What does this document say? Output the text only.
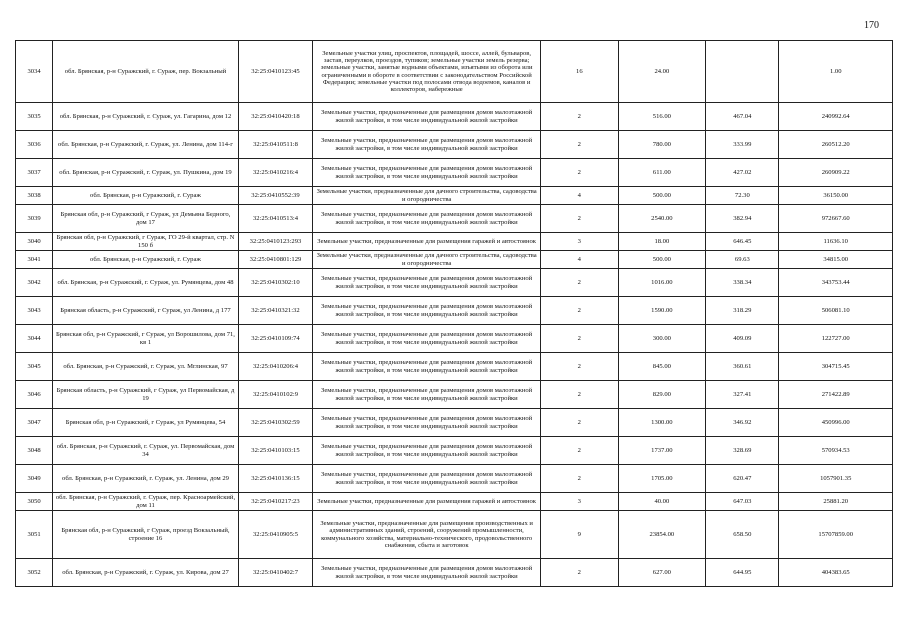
170
3034	обл. Брянская, р-н Суражский, г. Сураж, пер. Вокзальный	32:25:0410123:45	Земельные участки улиц, проспектов, площадей, шоссе, аллей, бульваров, застав, переулков, проездов, тупиков; земельные участки земель резерва; земельные участки, занятые водными объектами, изъятыми из оборота или ограниченными в обороте в соответствии с законодательством Российской Федерации; земельные участки под полосами отвода водоемов, каналов и коллекторов, набережные	16	24.00		1.00
3035	обл. Брянская, р-н Суражский, г. Сураж, ул. Гагарина, дом 12	32:25:0410420:18	Земельные участки, предназначенные для размещения домов малоэтажной жилой застройки, в том числе индивидуальной жилой застройки	2	516.00	467.04	240992.64
3036	обл. Брянская, р-н Суражский, г. Сураж, ул. Ленина, дом 114-г	32:25:0410511:8	Земельные участки, предназначенные для размещения домов малоэтажной жилой застройки, в том числе индивидуальной жилой застройки	2	780.00	333.99	260512.20
3037	обл. Брянская, р-н Суражский, г. Сураж, ул. Пушкина, дом 19	32:25:0410216:4	Земельные участки, предназначенные для размещения домов малоэтажной жилой застройки, в том числе индивидуальной жилой застройки	2	611.00	427.02	260909.22
3038	обл. Брянская, р-н Суражский, г. Сураж	32:25:0410552:39	Земельные участки, предназначенные для дачного строительства, садоводства и огородничества	4	500.00	72.30	36150.00
3039	Брянская обл, р-н Суражский, г Сураж, ул Демьяна Бедного, дом 17	32:25:0410513:4	Земельные участки, предназначенные для размещения домов малоэтажной жилой застройки, в том числе индивидуальной жилой застройки	2	2540.00	382.94	972667.60
3040	Брянская обл, р-н Суражский, г Сураж, ГО 29-й квартал, стр. N 150 б	32:25:0410123:293	Земельные участки, предназначенные для размещения гаражей и автостоянок	3	18.00	646.45	11636.10
3041	обл. Брянская, р-н Суражский, г. Сураж	32:25:0410801:129	Земельные участки, предназначенные для дачного строительства, садоводства и огородничества	4	500.00	69.63	34815.00
3042	обл. Брянская, р-н Суражский, г. Сураж, ул. Румянцева, дом 48	32:25:0410302:10	Земельные участки, предназначенные для размещения домов малоэтажной жилой застройки, в том числе индивидуальной жилой застройки	2	1016.00	338.34	343753.44
3043	Брянская область, р-н Суражский, г Сураж, ул Ленина, д 177	32:25:0410321:32	Земельные участки, предназначенные для размещения домов малоэтажной жилой застройки, в том числе индивидуальной жилой застройки	2	1590.00	318.29	506081.10
3044	Брянская обл, р-н Суражский, г Сураж, ул Ворошилова, дом 71, кв 1	32:25:0410109:74	Земельные участки, предназначенные для размещения домов малоэтажной жилой застройки, в том числе индивидуальной жилой застройки	2	300.00	409.09	122727.00
3045	обл. Брянская, р-н Суражский, г. Сураж, ул. Мглинская, 97	32:25:0410206:4	Земельные участки, предназначенные для размещения домов малоэтажной жилой застройки, в том числе индивидуальной жилой застройки	2	845.00	360.61	304715.45
3046	Брянская область, р-н Суражский, г Сураж, ул Первомайская, д 19	32:25:0410102:9	Земельные участки, предназначенные для размещения домов малоэтажной жилой застройки, в том числе индивидуальной жилой застройки	2	829.00	327.41	271422.89
3047	Брянская обл, р-н Суражский, г Сураж, ул Румянцева, 54	32:25:0410302:59	Земельные участки, предназначенные для размещения домов малоэтажной жилой застройки, в том числе индивидуальной жилой застройки	2	1300.00	346.92	450996.00
3048	обл. Брянская, р-н Суражский, г. Сураж, ул. Первомайская, дом 34	32:25:0410103:15	Земельные участки, предназначенные для размещения домов малоэтажной жилой застройки, в том числе индивидуальной жилой застройки	2	1737.00	328.69	570934.53
3049	обл. Брянская, р-н Суражский, г. Сураж, ул. Ленина, дом 29	32:25:0410136:15	Земельные участки, предназначенные для размещения домов малоэтажной жилой застройки, в том числе индивидуальной жилой застройки	2	1705.00	620.47	1057901.35
3050	обл. Брянская, р-н Суражский, г. Сураж, пер. Красноармейский, дом 11	32:25:0410217:23	Земельные участки, предназначенные для размещения гаражей и автостоянок	3	40.00	647.03	25881.20
3051	Брянская обл, р-н Суражский, г Сураж, проезд Вокзальный, строение 16	32:25:0410905:5	Земельные участки, предназначенные для размещения производственных и административных зданий, строений, сооружений промышленности, коммунального хозяйства, материально-технического, продовольственного снабжения, сбыта и заготовок	9	23854.00	658.50	15707859.00
3052	обл. Брянская, р-н Суражский, г. Сураж, ул. Кирова, дом 27	32:25:0410402:7	Земельные участки, предназначенные для размещения домов малоэтажной жилой застройки, в том числе индивидуальной жилой застройки	2	627.00	644.95	404383.65
